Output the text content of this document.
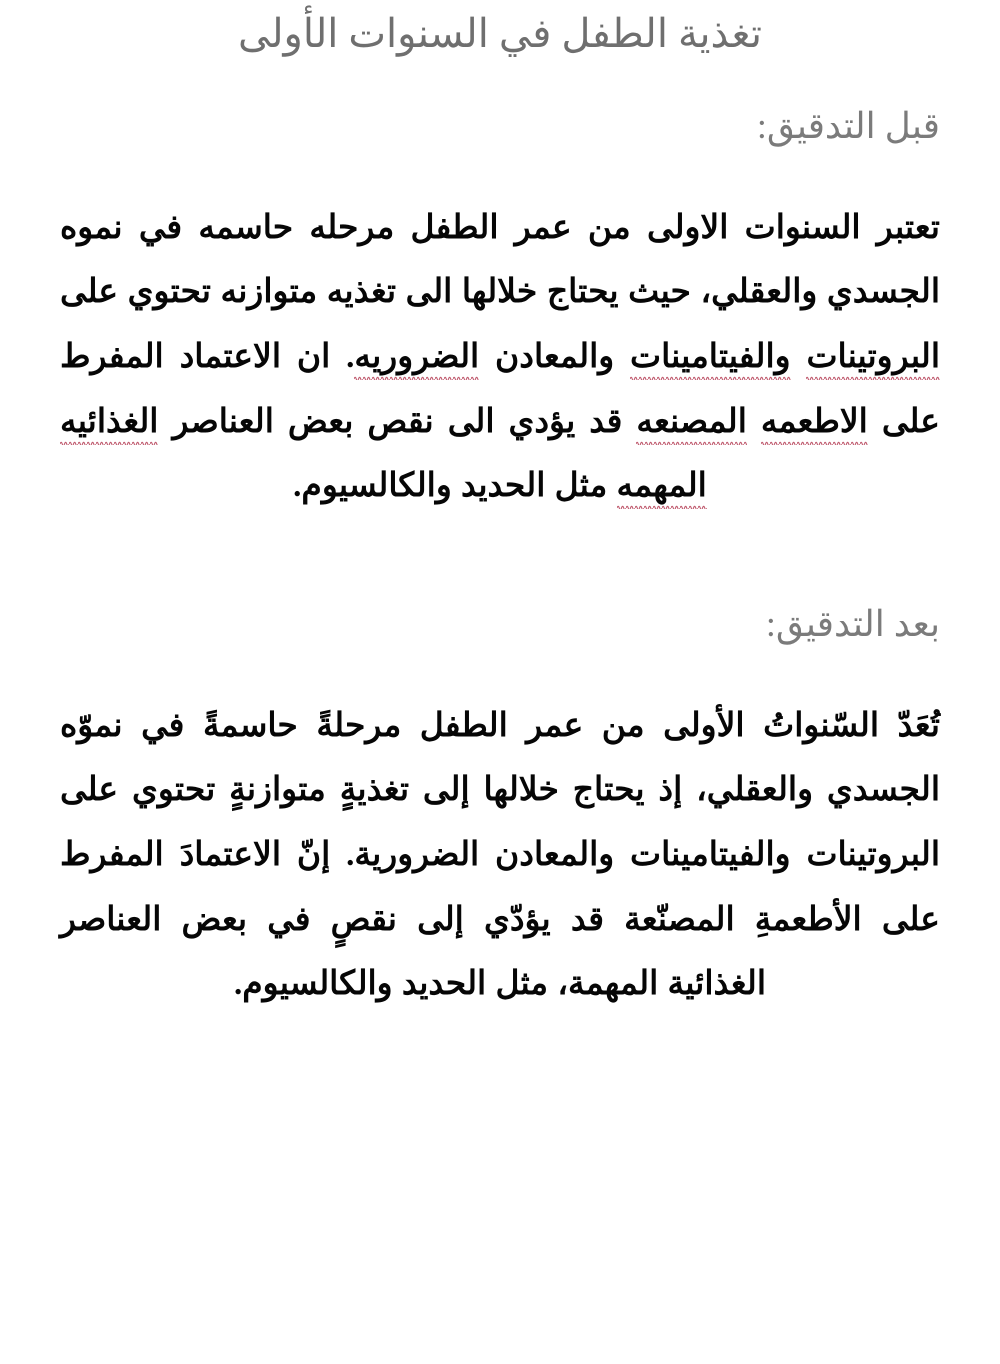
تغذية الطفل في السنوات الأولى
قبل التدقيق:

تعتبر السنوات الاولى من عمر الطفل مرحله حاسمه في نموه الجسدي والعقلي، حيث يحتاج خلالها الى تغذيه متوازنه تحتوي على البروتينات والفيتامينات والمعادن الضروريه. ان الاعتماد المفرط على الاطعمه المصنعه قد يؤدي الى نقص بعض العناصر الغذائيه المهمه مثل الحديد والكالسيوم.

بعد التدقيق:

تُعَدّ السّنواتُ الأولى من عمر الطفل مرحلةً حاسمةً في نموّه الجسدي والعقلي، إذ يحتاج خلالها إلى تغذيةٍ متوازنةٍ تحتوي على البروتينات والفيتامينات والمعادن الضرورية. إنّ الاعتمادَ المفرط على الأطعمةِ المصنّعة قد يؤدّي إلى نقصٍ في بعض العناصر الغذائية المهمة، مثل الحديد والكالسيوم.
